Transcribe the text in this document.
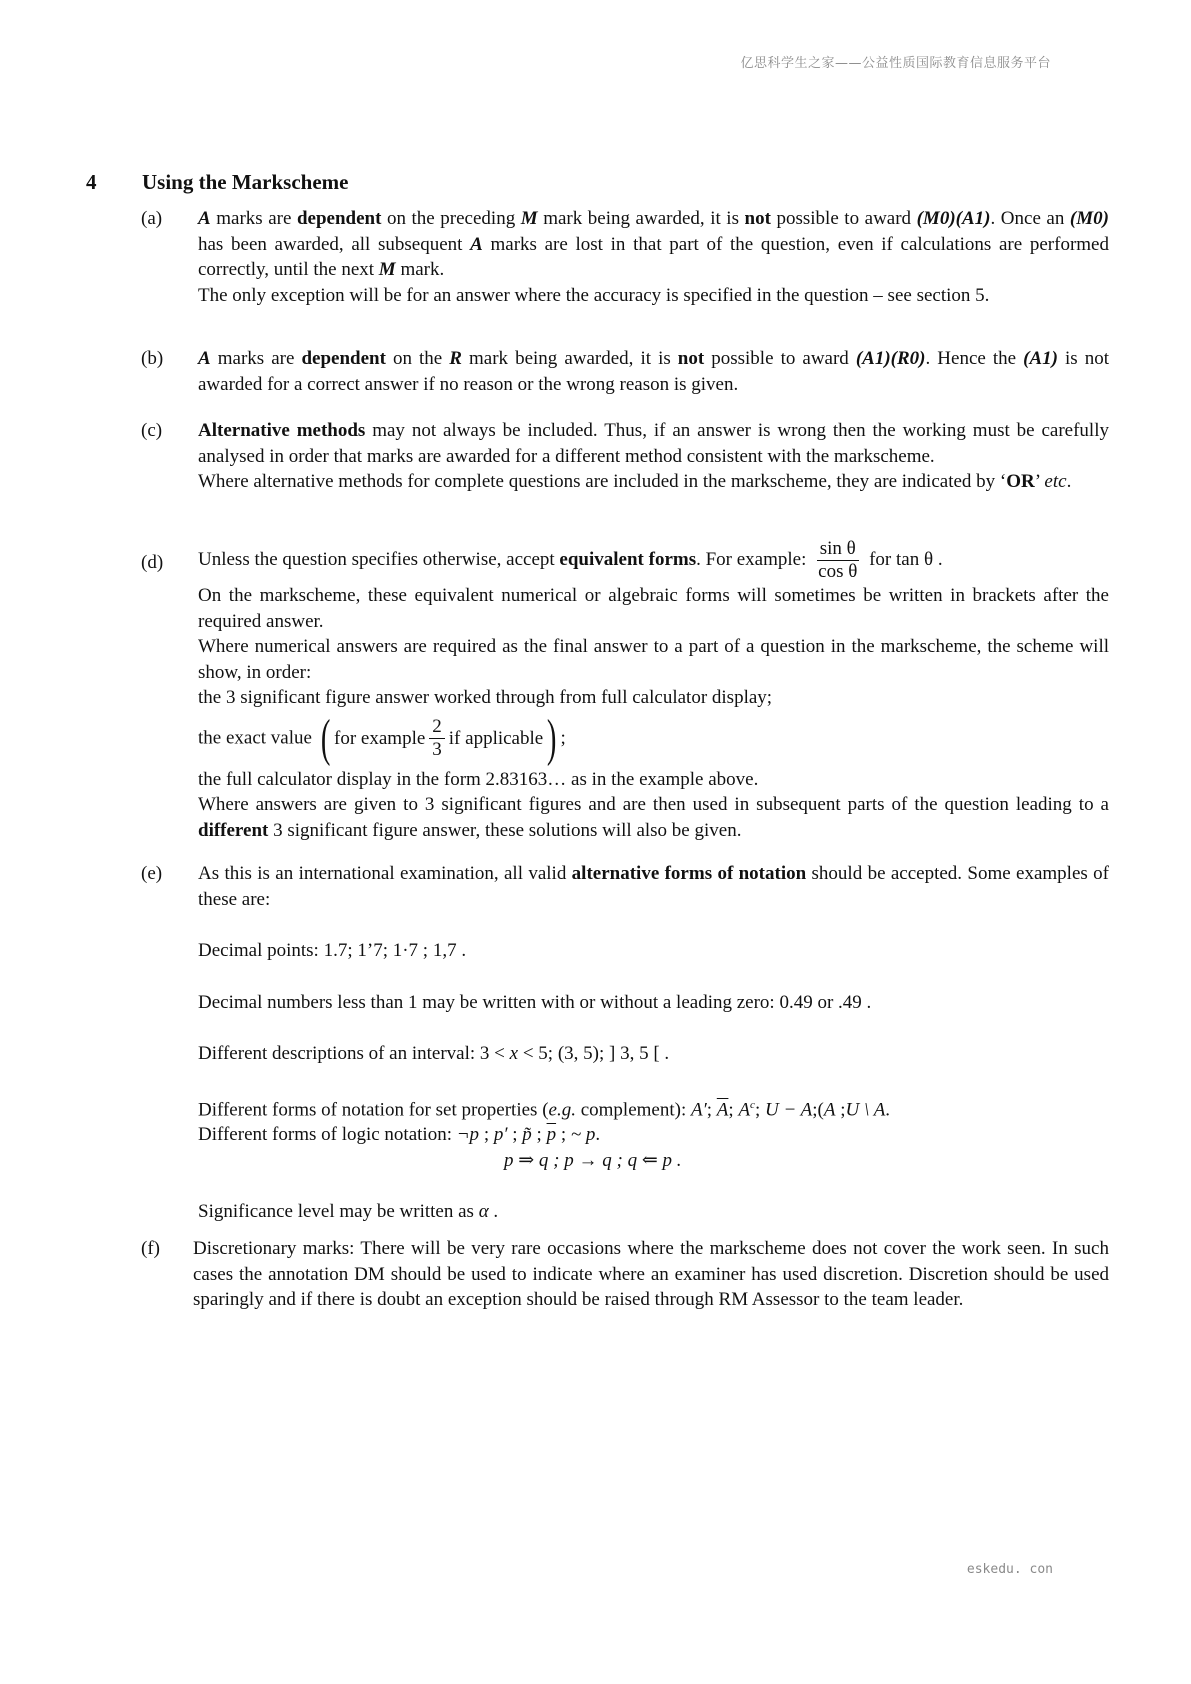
亿思科学生之家——公益性质国际教育信息服务平台
4 Using the Markscheme
(a) A marks are dependent on the preceding M mark being awarded, it is not possible to award (M0)(A1). Once an (M0) has been awarded, all subsequent A marks are lost in that part of the question, even if calculations are performed correctly, until the next M mark.
The only exception will be for an answer where the accuracy is specified in the question – see section 5.
(b) A marks are dependent on the R mark being awarded, it is not possible to award (A1)(R0). Hence the (A1) is not awarded for a correct answer if no reason or the wrong reason is given.
(c) Alternative methods may not always be included. Thus, if an answer is wrong then the working must be carefully analysed in order that marks are awarded for a different method consistent with the markscheme.
Where alternative methods for complete questions are included in the markscheme, they are indicated by ‘OR’ etc.
(d) Unless the question specifies otherwise, accept equivalent forms. For example: $\frac{\text{sin θ}}{\text{cos θ}}$ for tan θ .
On the markscheme, these equivalent numerical or algebraic forms will sometimes be written in brackets after the required answer.
Where numerical answers are required as the final answer to a part of a question in the markscheme, the scheme will show, in order:
the 3 significant figure answer worked through from full calculator display;
the exact value ( for example $\frac{2}{3}$ if applicable ) ;
the full calculator display in the form 2.83163… as in the example above.
Where answers are given to 3 significant figures and are then used in subsequent parts of the question leading to a different 3 significant figure answer, these solutions will also be given.
(e) As this is an international examination, all valid alternative forms of notation should be accepted. Some examples of these are:
Decimal points: 1.7; 1’7; 1·7 ; 1,7 .
Decimal numbers less than 1 may be written with or without a leading zero: 0.49 or .49 .
Different descriptions of an interval: 3 < x < 5; (3, 5); ] 3, 5 [ .
Different forms of notation for set properties (e.g. complement): A′; $\overline{A}$; $A^c$; U − A;(A ;U \ A.
Different forms of logic notation: ¬p ; p′ ; p̃ ; $\overline{p}$ ; ~ p.
p ⇒ q ; p → q ; q ⇐ p .
Significance level may be written as α .
(f) Discretionary marks: There will be very rare occasions where the markscheme does not cover the work seen. In such cases the annotation DM should be used to indicate where an examiner has used discretion. Discretion should be used sparingly and if there is doubt an exception should be raised through RM Assessor to the team leader.
eskedu. con
